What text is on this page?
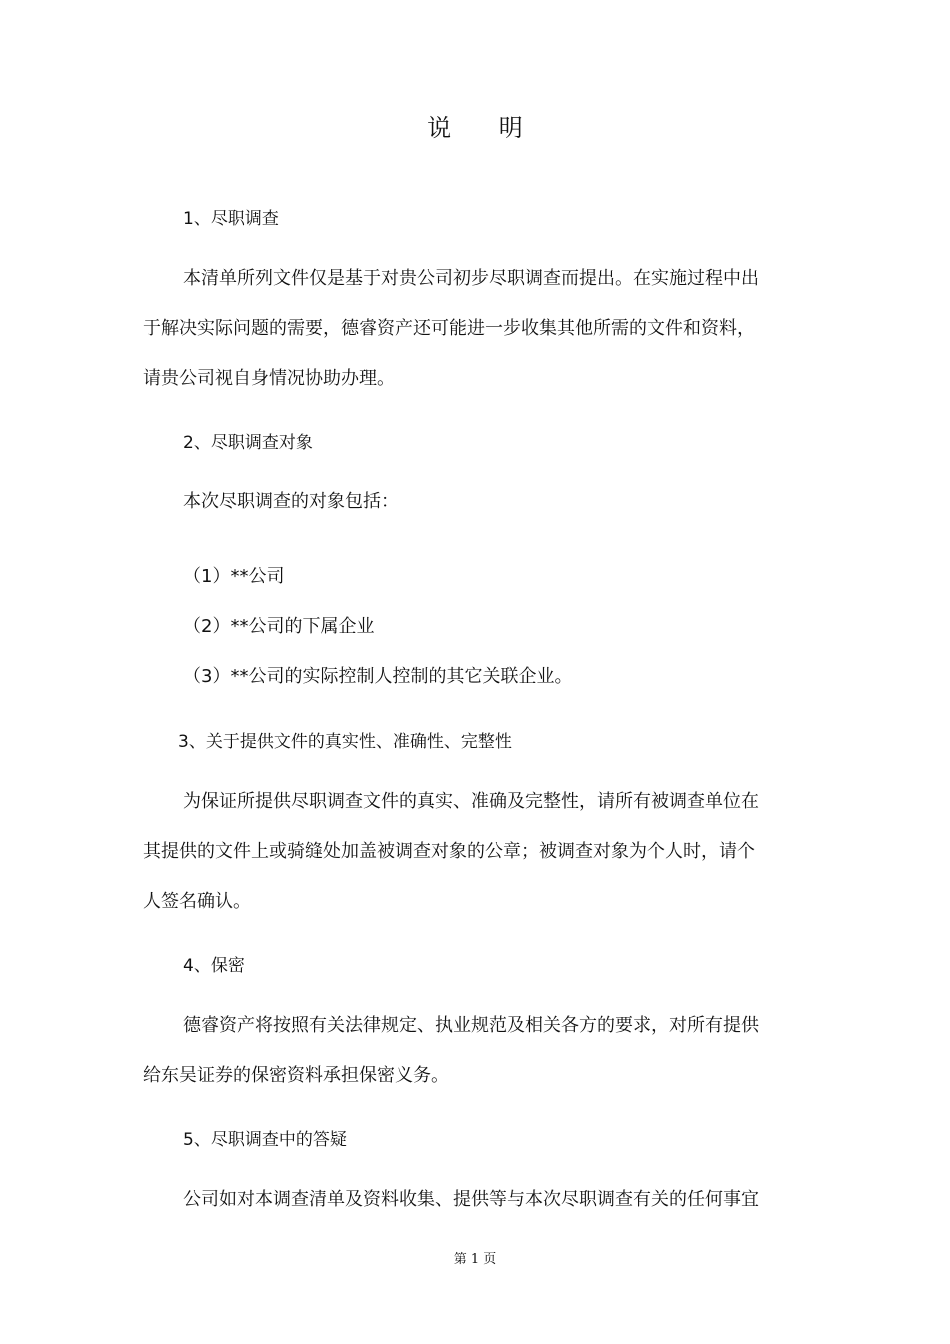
说 明
1、尽职调查
本清单所列文件仅是基于对贵公司初步尽职调查而提出。在实施过程中出
于解决实际问题的需要，德睿资产还可能进一步收集其他所需的文件和资料，
请贵公司视自身情况协助办理。
2、尽职调查对象
本次尽职调查的对象包括：
（1）**公司
（2）**公司的下属企业
（3）**公司的实际控制人控制的其它关联企业。
3、关于提供文件的真实性、准确性、完整性
为保证所提供尽职调查文件的真实、准确及完整性，请所有被调查单位在
其提供的文件上或骑缝处加盖被调查对象的公章；被调查对象为个人时，请个
人签名确认。
4、保密
德睿资产将按照有关法律规定、执业规范及相关各方的要求，对所有提供
给东吴证券的保密资料承担保密义务。
5、尽职调查中的答疑
公司如对本调查清单及资料收集、提供等与本次尽职调查有关的任何事宜
第 1 页
